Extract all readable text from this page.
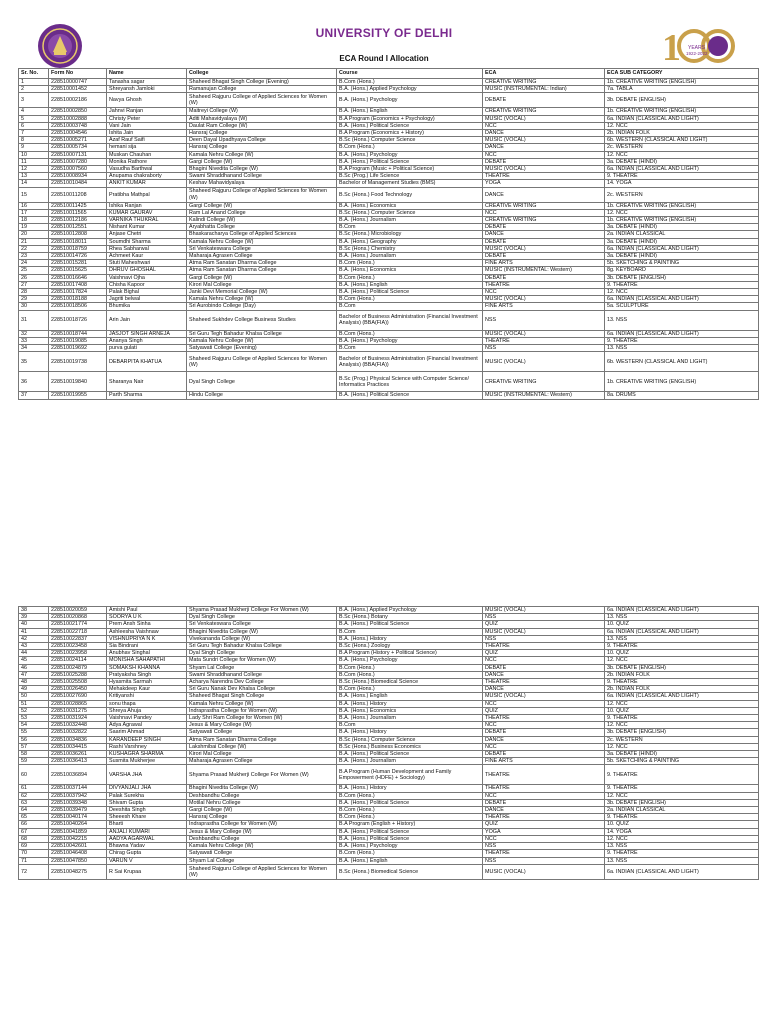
1 YEARS
1922-2022
UNIVERSITY OF DELHI
ECA Round I Allocation
Sr. No.	Form No	Name	College	Course	ECA	ECA SUB CATEGORY
1	228510000747	Tanasha sagar	Shaheed Bhagat Singh College (Evening)	B.Com (Hons.)	CREATIVE WRITING	1b. CREATIVE WRITING (ENGLISH)
2	228510001452	Shreyansh Jamloki	Ramanujan College	B.A. (Hons.) Applied Psychology	MUSIC (INSTRUMENTAL: Indian)	7a. TABLA
3	228510002186	Navya Ghosh	Shaheed Rajguru College of Applied Sciences for Women (W)	B.A. (Hons.) Psychology	DEBATE	3b. DEBATE (ENGLISH)
4	228510002850	Jahnvi Ranjan	Maitreyi College (W)	B.A. (Hons.) English	CREATIVE WRITING	1b. CREATIVE WRITING (ENGLISH)
5	228510002888	Christy Peter	Aditi Mahavidyalaya (W)	B.A Program (Economics + Psychology)	MUSIC (VOCAL)	6a. INDIAN (CLASSICAL AND LIGHT)
6	228510003748	Vani Jain	Daulat Ram College (W)	B.A. (Hons.) Political Science	NCC	12. NCC
7	228510004546	Ishita Jain	Hansraj College	B.A Program (Economics + History)	DANCE	2b. INDIAN FOLK
8	228510005271	Azaf Rauf Saifi	Deen Dayal Upadhyaya College	B.Sc (Hons.) Computer Science	MUSIC (VOCAL)	6b. WESTERN (CLASSICAL AND LIGHT)
9	228510005734	hemani sija	Hansraj College	B.Com (Hons.)	DANCE	2c. WESTERN
10	228510007131	Muskan Chauhan	Kamala Nehru College (W)	B.A. (Hons.) Psychology	NCC	12. NCC
11	228510007280	Monika Rathore	Gargi College (W)	B.A. (Hons.) Political Science	DEBATE	3a. DEBATE (HINDI)
12	228510007560	Vasudha Barthwal	Bhagini Nivedita College (W)	B.A Program (Music + Political Science)	MUSIC (VOCAL)	6a. INDIAN (CLASSICAL AND LIGHT)
13	228510008934	Anupama chakraborty	Swami Shraddhanand College	B.Sc (Prog.) Life Science	THEATRE	9. THEATRE
14	228510010484	ANKIT KUMAR	Keshav Mahavidyalaya	Bachelor of Management Studies (BMS)	YOGA	14. YOGA
15	228510011208	Pratibha Mathpal	Shaheed Rajguru College of Applied Sciences for Women (W)	B.Sc (Hons.) Food Technology	DANCE	2c. WESTERN
16	228510011425	Ishika Ranjan	Gargi College (W)	B.A. (Hons.) Economics	CREATIVE WRITING	1b. CREATIVE WRITING (ENGLISH)
17	228510011565	KUMAR GAURAV	Ram Lal Anand College	B.Sc (Hons.) Computer Science	NCC	12. NCC
18	228510012186	VARNIKA THUKRAL	Kalindi College (W)	B.A. (Hons.) Journalism	CREATIVE WRITING	1b. CREATIVE WRITING (ENGLISH)
19	228510012551	Nishant Kumar	Aryabhatta College	B.Com	DEBATE	3a. DEBATE (HINDI)
20	228510012808	Anjase Chetri	Bhaskaracharya College of Applied Sciences	B.Sc (Hons.) Microbiology	DANCE	2a. INDIAN CLASSICAL
21	228510018011	Soumdhi Sharma	Kamala Nehru College (W)	B.A. (Hons.) Geography	DEBATE	3a. DEBATE (HINDI)
22	228510018759	Rhea Sabharwal	Sri Venkateswara College	B.Sc (Hons.) Chemistry	MUSIC (VOCAL)	6a. INDIAN (CLASSICAL AND LIGHT)
23	228510014726	Achmeet Kaur	Maharaja Agrasen College	B.A. (Hons.) Journalism	DEBATE	3a. DEBATE (HINDI)
24	228510015281	Stuti Maheshwari	Atma Ram Sanatan Dharma College	B.Com (Hons.)	FINE ARTS	5b. SKETCHING & PAINTING
25	228510015625	DHRUV GHOSHAL	Atma Ram Sanatan Dharma College	B.A. (Hons.) Economics	MUSIC (INSTRUMENTAL: Western)	8g. KEYBOARD
26	228510016646	Vaishnavi Ojha	Gargi College (W)	B.Com (Hons.)	DEBATE	3b. DEBATE (ENGLISH)
27	228510017408	Chisha Kapoor	Kirori Mal College	B.A. (Hons.) English	THEATRE	9. THEATRE
28	228510017824	Palak Bighal	Janki Devi Memorial College (W)	B.A. (Hons.) Political Science	NCC	12. NCC
29	228510018188	Jagriti belwal	Kamala Nehru College (W)	B.Com (Hons.)	MUSIC (VOCAL)	6a. INDIAN (CLASSICAL AND LIGHT)
30	228510018506	Bhumika	Sri Aurobindo College (Day)	B.Com	FINE ARTS	5a. SCULPTURE
31	228510018726	Arin Jain	Shaheed Sukhdev College Business Studies	Bachelor of Business Administration (Financial Investment Analysis) (BBA(FIA))	NSS	13. NSS
32	228510018744	JASJOT SINGH ARNEJA	Sri Guru Tegh Bahadur Khalsa College	B.Com (Hons.)	MUSIC (VOCAL)	6a. INDIAN (CLASSICAL AND LIGHT)
33	228510019085	Ananya Singh	Kamala Nehru College (W)	B.A. (Hons.) Psychology	THEATRE	9. THEATRE
34	228510019692	purva gulati	Satyawati College (Evening)	B.Com	NSS	13. NSS
35	228510019738	DEBARPITA KHATUA	Shaheed Rajguru College of Applied Sciences for Women (W)	Bachelor of Business Administration (Financial Investment Analysis) (BBA(FIA))	MUSIC (VOCAL)	6b. WESTERN (CLASSICAL AND LIGHT)
36	228510019840	Sharanya Nair	Dyal Singh College	B.Sc (Prog.) Physical Science with Computer Science/ Informatics Practices	CREATIVE WRITING	1b. CREATIVE WRITING (ENGLISH)
37	228510019955	Parth Sharma	Hindu College	B.A. (Hons.) Political Science	MUSIC (INSTRUMENTAL: Western)	8a. DRUMS
38	228510020059	Amishi Paul	Shyama Prasad Mukherji College For Women (W)	B.A. (Hons.) Applied Psychology	MUSIC (VOCAL)	6a. INDIAN (CLASSICAL AND LIGHT)
39	228510020868	SOORYA U K	Dyal Singh College	B.Sc (Hons.) Botany	NSS	13. NSS
40	228510021774	Prem Ansh Sinha	Sri Venkateswara College	B.A. (Hons.) Political Science	QUIZ	10. QUIZ
41	228510022718	Ashleesha Vaishnaw	Bhagini Nivedita College (W)	B.Com	MUSIC (VOCAL)	6a. INDIAN (CLASSICAL AND LIGHT)
42	228510022837	VISHNUPRIYA N K	Vivekananda College (W)	B.A. (Hons.) History	NSS	13. NSS
43	228510023458	Sia Bindrani	Sri Guru Tegh Bahadur Khalsa College	B.Sc (Hons.) Zoology	THEATRE	9. THEATRE
44	228510023958	Anubhav Singhal	Dyal Singh College	B.A Program (History + Political Science)	QUIZ	10. QUIZ
45	228510024114	MONISHA SAHAPATHI	Mata Sundri College for Women (W)	B.A. (Hons.) Psychology	NCC	12. NCC
46	228510024879	SOMAKSH KHANNA	Shyam Lal College	B.Com (Hons.)	DEBATE	3b. DEBATE (ENGLISH)
47	228510025288	Pratyaksha Singh	Swami Shraddhanand College	B.Com (Hons.)	DANCE	2b. INDIAN FOLK
48	228510025508	Hyasmita Sarmah	Acharya Narendra Dev College	B.Sc (Hons.) Biomedical Science	THEATRE	9. THEATRE
49	228510026450	Mehakdeep Kaur	Sri Guru Nanak Dev Khalsa College	B.Com (Hons.)	DANCE	2b. INDIAN FOLK
50	228510027690	Kritiyanshi	Shaheed Bhagat Singh College	B.A. (Hons.) English	MUSIC (VOCAL)	6a. INDIAN (CLASSICAL AND LIGHT)
51	228510028865	sonu thapa	Kamala Nehru College (W)	B.A. (Hons.) History	NCC	12. NCC
52	228510031275	Shreya Ahuja	Indraprastha College for Women (W)	B.A. (Hons.) Economics	QUIZ	10. QUIZ
53	228510031924	Vaishnavi Pandey	Lady Shri Ram College for Women (W)	B.A. (Hons.) Journalism	THEATRE	9. THEATRE
54	228510032448	Adya Agrawal	Jesus & Mary College (W)	B.Com	NCC	12. NCC
55	228510032822	Saarim Ahmad	Satyawati College	B.A. (Hons.) History	DEBATE	3b. DEBATE (ENGLISH)
56	228510034836	KARANDEEP SINGH	Atma Ram Sanatan Dharma College	B.Sc (Hons.) Computer Science	DANCE	2c. WESTERN
57	228510034415	Rashi Varshney	Lakshmibai College (W)	B.Sc (Hons.) Business Economics	NCC	12. NCC
58	228510036261	KUSHAGRA SHARMA	Kirori Mal College	B.A. (Hons.) Political Science	DEBATE	3a. DEBATE (HINDI)
59	228510036413	Susmita Mukherjee	Maharaja Agrasen College	B.A. (Hons.) Journalism	FINE ARTS	5b. SKETCHING & PAINTING
60	228510036894	VARSHA JHA	Shyama Prasad Mukherji College For Women (W)	B.A Program (Human Development and Family Empowerment (HDFE) + Sociology)	THEATRE	9. THEATRE
61	228510037144	DIVYANJALI JHA	Bhagini Nivedita College (W)	B.A. (Hons.) History	THEATRE	9. THEATRE
62	228510037942	Palak Surekha	Deshbandhu College	B.Com (Hons.)	NCC	12. NCC
63	228510039348	Shivam Gupta	Motilal Nehru College	B.A. (Hons.) Political Science	DEBATE	3b. DEBATE (ENGLISH)
64	228510039479	Deeshita Singh	Gargi College (W)	B.Com (Hons.)	DANCE	2a. INDIAN CLASSICAL
65	228510040174	Sheeesh Khare	Hansraj College	B.Com (Hons.)	THEATRE	9. THEATRE
66	228510040264	Bharti	Indraprastha College for Women (W)	B.A Program (English + History)	QUIZ	10. QUIZ
67	228510041859	ANJALI KUMARI	Jesus & Mary College (W)	B.A. (Hons.) Political Science	YOGA	14. YOGA
68	228510042215	AADYA AGARWAL	Deshbandhu College	B.A. (Hons.) Political Science	NCC	12. NCC
69	228510042601	Bhawna Yadav	Kamala Nehru College (W)	B.A. (Hons.) Psychology	NSS	13. NSS
70	228510046408	Chirag Gupta	Satyawati College	B.Com (Hons.)	THEATRE	9. THEATRE
71	228510047850	VARUN V	Shyam Lal College	B.A. (Hons.) English	NSS	13. NSS
72	228510048275	R Sai Krupaa	Shaheed Rajguru College of Applied Sciences for Women (W)	B.Sc (Hons.) Biomedical Science	MUSIC (VOCAL)	6a. INDIAN (CLASSICAL AND LIGHT)
